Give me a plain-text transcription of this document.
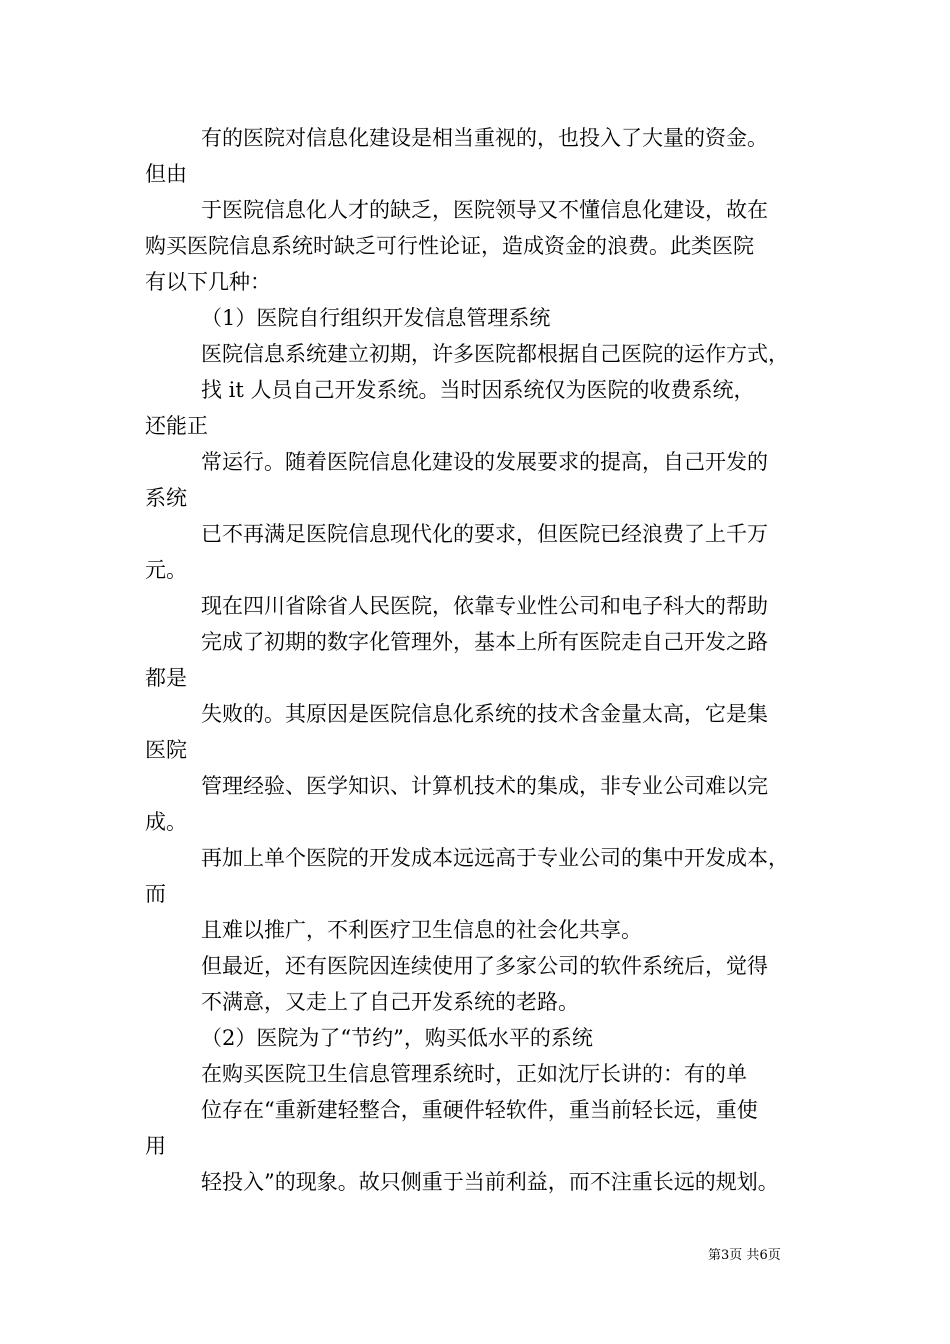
有的医院对信息化建设是相当重视的，也投入了大量的资金。
但由
于医院信息化人才的缺乏，医院领导又不懂信息化建设，故在
购买医院信息系统时缺乏可行性论证，造成资金的浪费。此类医院
有以下几种：
（1）医院自行组织开发信息管理系统
医院信息系统建立初期，许多医院都根据自己医院的运作方式，
找 it 人员自己开发系统。当时因系统仅为医院的收费系统，
还能正
常运行。随着医院信息化建设的发展要求的提高，自己开发的
系统
已不再满足医院信息现代化的要求，但医院已经浪费了上千万
元。
现在四川省除省人民医院，依靠专业性公司和电子科大的帮助
完成了初期的数字化管理外，基本上所有医院走自己开发之路
都是
失败的。其原因是医院信息化系统的技术含金量太高，它是集
医院
管理经验、医学知识、计算机技术的集成，非专业公司难以完
成。
再加上单个医院的开发成本远远高于专业公司的集中开发成本，
而
且难以推广，不利医疗卫生信息的社会化共享。
但最近，还有医院因连续使用了多家公司的软件系统后，觉得
不满意，又走上了自己开发系统的老路。
（2）医院为了“节约”，购买低水平的系统
在购买医院卫生信息管理系统时，正如沈厅长讲的：有的单
位存在“重新建轻整合，重硬件轻软件，重当前轻长远，重使
用
轻投入”的现象。故只侧重于当前利益，而不注重长远的规划。
第3页 共6页
